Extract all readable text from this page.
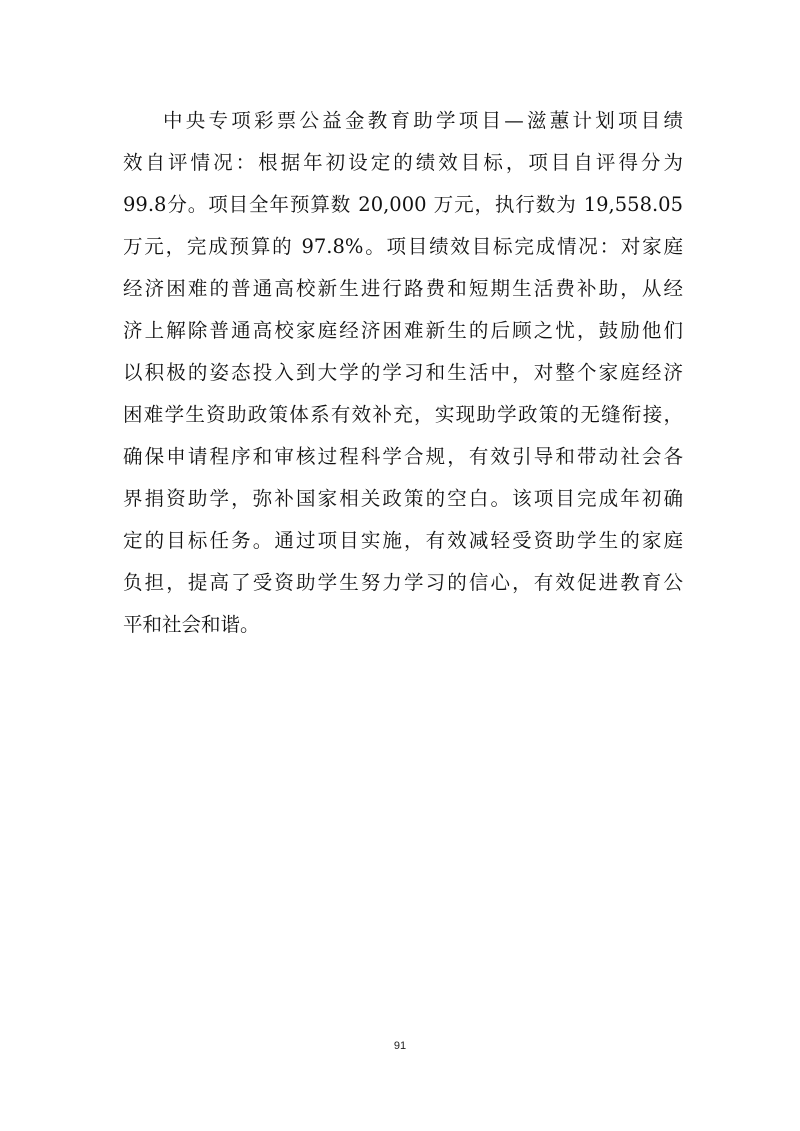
中央专项彩票公益金教育助学项目—滋蕙计划项目绩
效自评情况：根据年初设定的绩效目标，项目自评得分为
99.8分。项目全年预算数 20,000 万元，执行数为 19,558.05
万元，完成预算的 97.8%。项目绩效目标完成情况：对家庭
经济困难的普通高校新生进行路费和短期生活费补助，从经
济上解除普通高校家庭经济困难新生的后顾之忧，鼓励他们
以积极的姿态投入到大学的学习和生活中，对整个家庭经济
困难学生资助政策体系有效补充，实现助学政策的无缝衔接，
确保申请程序和审核过程科学合规，有效引导和带动社会各
界捐资助学，弥补国家相关政策的空白。该项目完成年初确
定的目标任务。通过项目实施，有效减轻受资助学生的家庭
负担，提高了受资助学生努力学习的信心，有效促进教育公
平和社会和谐。
91
